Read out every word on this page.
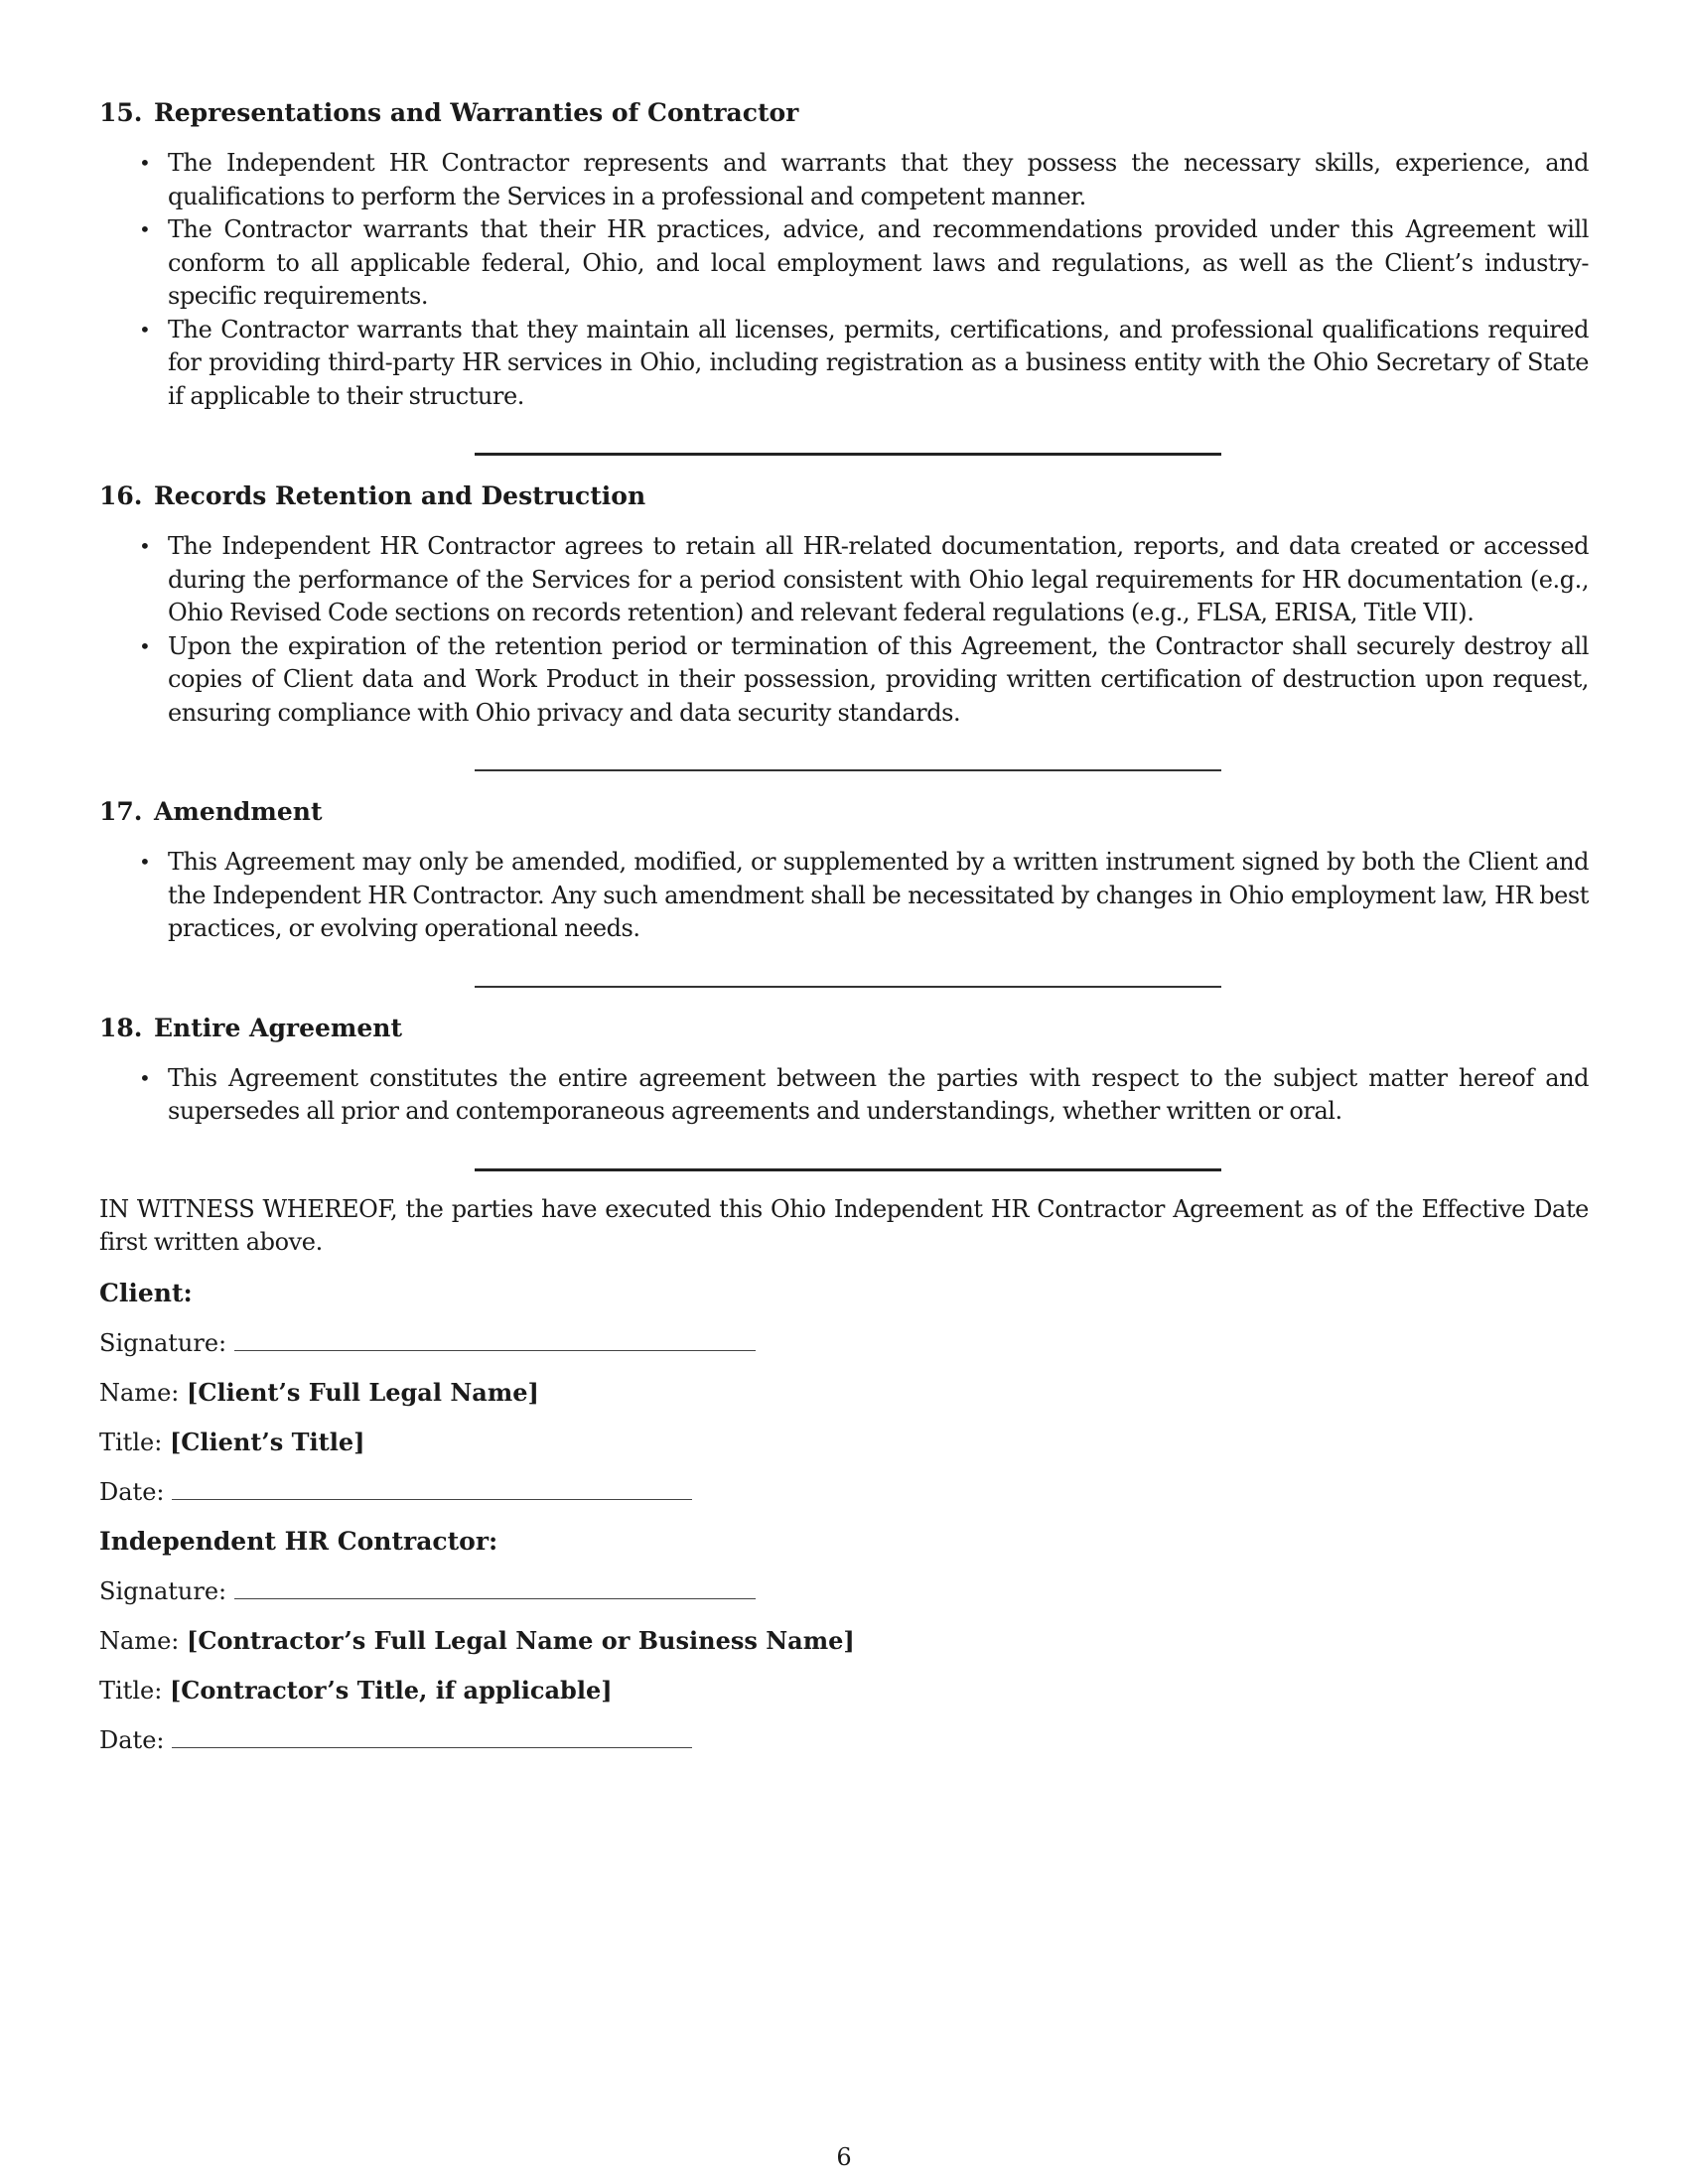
15. Representations and Warranties of Contractor
• The Independent HR Contractor represents and warrants that they possess the necessary skills, experience, and qualifications to perform the Services in a professional and competent manner.
• The Contractor warrants that their HR practices, advice, and recommendations provided under this Agreement will conform to all applicable federal, Ohio, and local employment laws and regulations, as well as the Client’s industry-specific requirements.
• The Contractor warrants that they maintain all licenses, permits, certifications, and professional qualifications required for providing third-party HR services in Ohio, including registration as a business entity with the Ohio Secretary of State if applicable to their structure.
16. Records Retention and Destruction
• The Independent HR Contractor agrees to retain all HR-related documentation, reports, and data created or accessed during the performance of the Services for a period consistent with Ohio legal requirements for HR documentation (e.g., Ohio Revised Code sections on records retention) and relevant federal regulations (e.g., FLSA, ERISA, Title VII).
• Upon the expiration of the retention period or termination of this Agreement, the Contractor shall securely destroy all copies of Client data and Work Product in their possession, providing written certification of destruction upon request, ensuring compliance with Ohio privacy and data security standards.
17. Amendment
• This Agreement may only be amended, modified, or supplemented by a written instrument signed by both the Client and the Independent HR Contractor. Any such amendment shall be necessitated by changes in Ohio employment law, HR best practices, or evolving operational needs.
18. Entire Agreement
• This Agreement constitutes the entire agreement between the parties with respect to the subject matter hereof and supersedes all prior and contemporaneous agreements and understandings, whether written or oral.

IN WITNESS WHEREOF, the parties have executed this Ohio Independent HR Contractor Agreement as of the Effective Date first written above.

Client:

Signature:

Name: [Client’s Full Legal Name]

Title: [Client’s Title]

Date:

Independent HR Contractor:

Signature:

Name: [Contractor’s Full Legal Name or Business Name]

Title: [Contractor’s Title, if applicable]

Date:

6
